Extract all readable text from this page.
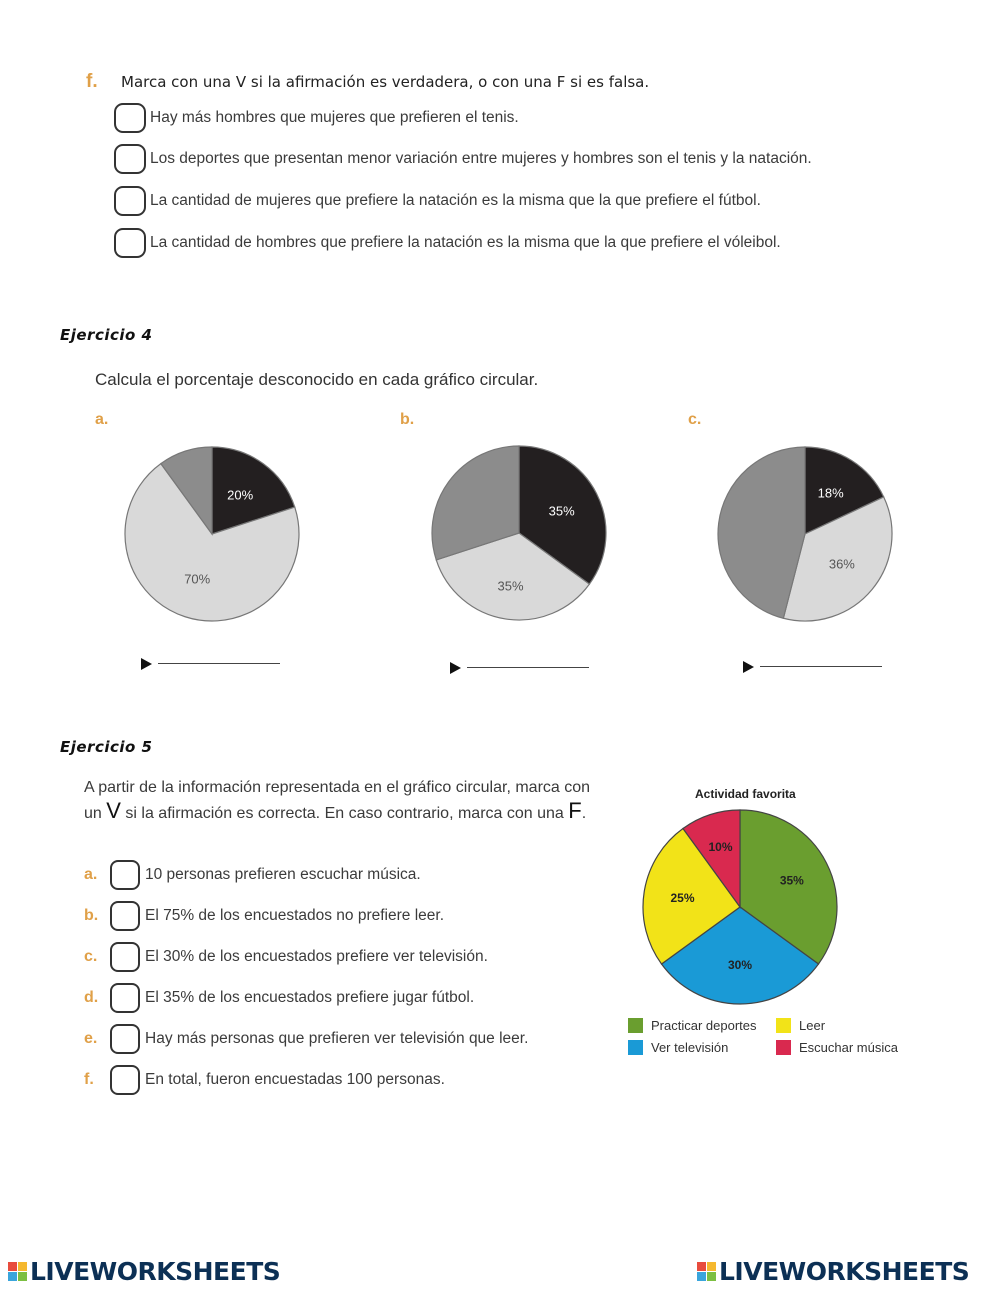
f. Marca con una V si la afirmación es verdadera, o con una F si es falsa.
Hay más hombres que mujeres que prefieren el tenis.
Los deportes que presentan menor variación entre mujeres y hombres son el tenis y la natación.
La cantidad de mujeres que prefiere la natación es la misma que la que prefiere el fútbol.
La cantidad de hombres que prefiere la natación es la misma que la que prefiere el vóleibol.
Ejercicio 4
Calcula el porcentaje desconocido en cada gráfico circular.
a.	b.	c.
20%
70%
35%
35%
18%
36%
35%
30%
25%
10%
Ejercicio 5
A partir de la información representada en el gráfico circular, marca con un V si la afirmación es correcta. En caso contrario, marca con una F.
a.	10 personas prefieren escuchar música.
b.	El 75% de los encuestados no prefiere leer.
c.	El 30% de los encuestados prefiere ver televisión.
d.	El 35% de los encuestados prefiere jugar fútbol.
e.	Hay más personas que prefieren ver televisión que leer.
f.	En total, fueron encuestadas 100 personas.
Actividad favorita
Practicar deportes	Leer
Ver televisión	Escuchar música
LIVEWORKSHEETS	LIVEWORKSHEETS
